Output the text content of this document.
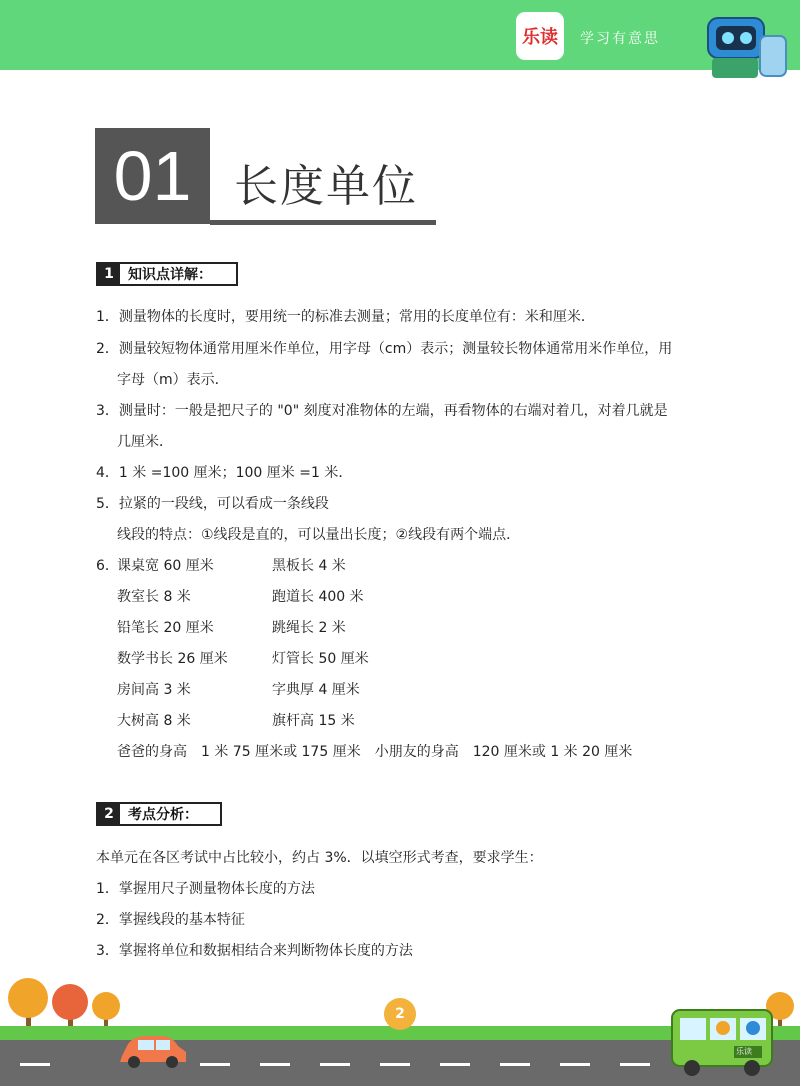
乐读 学习有意思
01 长度单位
1	知识点详解：
1．测量物体的长度时，要用统一的标准去测量；常用的长度单位有：米和厘米．
2．测量较短物体通常用厘米作单位，用字母（cm）表示；测量较长物体通常用米作单位，用
字母（m）表示．
3．测量时：一般是把尺子的 "0" 刻度对准物体的左端，再看物体的右端对着几，对着几就是
几厘米．
4．1 米 =100 厘米；100 厘米 =1 米．
5．拉紧的一段线，可以看成一条线段
线段的特点：①线段是直的，可以量出长度；②线段有两个端点．
6．
课桌宽 60 厘米
教室长 8 米
铅笔长 20 厘米
数学书长 26 厘米
房间高 3 米
大树高 8 米
黑板长 4 米
跑道长 400 米
跳绳长 2 米
灯管长 50 厘米
字典厚 4 厘米
旗杆高 15 米
爸爸的身高　1 米 75 厘米或 175 厘米　小朋友的身高　120 厘米或 1 米 20 厘米
2	考点分析：
本单元在各区考试中占比较小，约占 3%．以填空形式考查，要求学生：
1．掌握用尺子测量物体长度的方法
2．掌握线段的基本特征
3．掌握将单位和数据相结合来判断物体长度的方法
2
乐读
